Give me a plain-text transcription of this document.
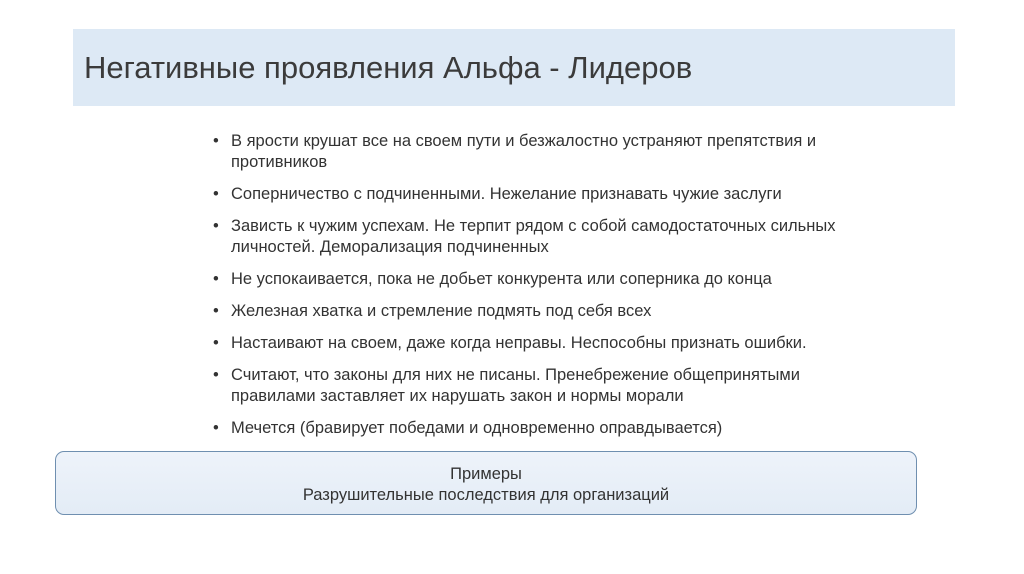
Негативные проявления Альфа - Лидеров
• В ярости крушат все на своем пути и безжалостно устраняют препятствия и противников
• Соперничество с подчиненными. Нежелание признавать чужие заслуги
• Зависть к чужим успехам. Не терпит рядом с собой самодостаточных сильных личностей. Деморализация подчиненных
• Не успокаивается, пока не добьет конкурента или соперника до конца
• Железная хватка и стремление подмять под себя всех
• Настаивают на своем, даже когда неправы. Неспособны признать ошибки.
• Считают, что законы для них не писаны. Пренебрежение общепринятыми правилами заставляет их нарушать закон и нормы морали
• Мечется (бравирует победами и одновременно оправдывается)
Примеры
Разрушительные последствия для организаций
